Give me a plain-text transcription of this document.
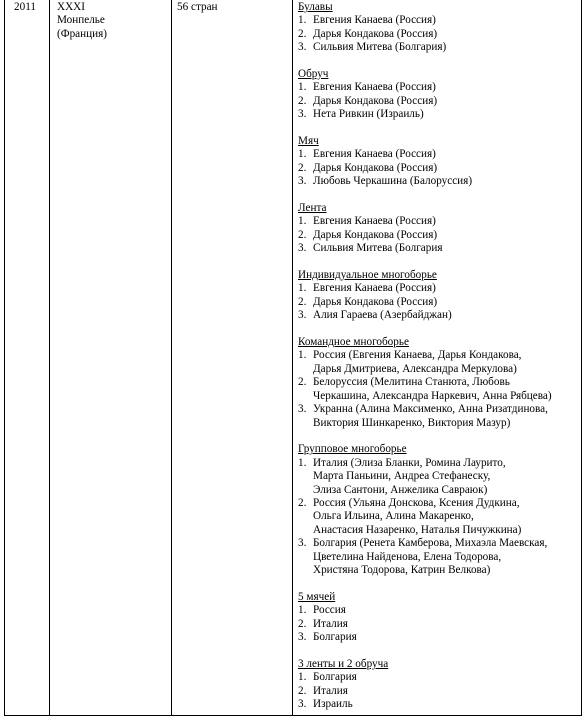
2011	XXXI
Монпелье
(Франция)
56 стран	Булавы
1. Евгения Канаева (Россия)
2. Дарья Кондакова (Россия)
3. Сильвия Митева (Болгария)
Обруч
1. Евгения Канаева (Россия)
2. Дарья Кондакова (Россия)
3. Нета Ривкин (Израиль)
Мяч
1. Евгения Канаева (Россия)
2. Дарья Кондакова (Россия)
3. Любовь Черкашина (Балоруссия)
Лента
1. Евгения Канаева (Россия)
2. Дарья Кондакова (Россия)
3. Сильвия Митева (Болгария
Индивидуальное многоборье
1. Евгения Канаева (Россия)
2. Дарья Кондакова (Россия)
3. Алия Гараева (Азербайджан)
Командное многоборье
1. Россия (Евгения Канаева, Дарья Кондакова,
Дарья Дмитриева, Александра Меркулова)
2. Белоруссия (Мелитина Станюта, Любовь
Черкашина, Александра Наркевич, Анна Рябцева)
3. Укранна (Алина Максименко, Анна Ризатдинова,
Виктория Шинкаренко, Виктория Мазур)
Групповое многоборье
1. Италия (Элиза Бланки, Ромина Лаурито,
Марта Паньини, Андреа Стефанеску,
Элиза Сантони, Анжелика Савраюк)
2. Россия (Ульяна Донскова, Ксения Дудкина,
Ольга Ильина, Алина Макаренко,
Анастасия Назаренко, Наталья Пичужкина)
3. Болгария (Ренета Камберова, Михаэла Маевская,
Цветелина Найденова, Елена Тодорова,
Христяна Тодорова, Катрин Велкова)
5 мячей
1. Россия
2. Италия
3. Болгария
3 ленты и 2 обруча
1. Болгария
2. Италия
3. Израиль
